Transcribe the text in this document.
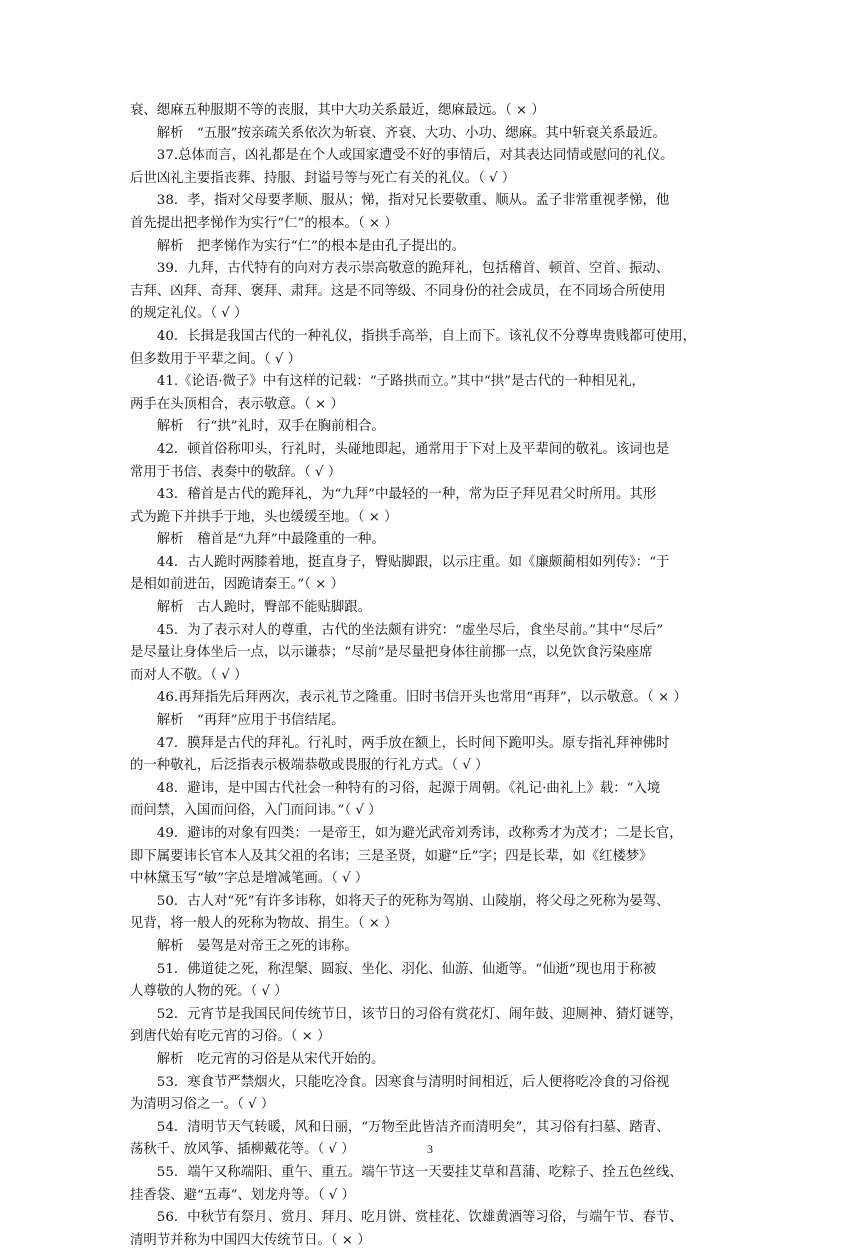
衰、缌麻五种服期不等的丧服，其中大功关系最近，缌麻最远。（ × ）
解析　“五服”按亲疏关系依次为斩衰、齐衰、大功、小功、缌麻。其中斩衰关系最近。
37.总体而言，凶礼都是在个人或国家遭受不好的事情后，对其表达同情或慰问的礼仪。
后世凶礼主要指丧葬、持服、封谥号等与死亡有关的礼仪。（ √ ）
38．孝，指对父母要孝顺、服从；悌，指对兄长要敬重、顺从。孟子非常重视孝悌，他
首先提出把孝悌作为实行“仁”的根本。（ × ）
解析　把孝悌作为实行“仁”的根本是由孔子提出的。
39．九拜，古代特有的向对方表示崇高敬意的跪拜礼，包括稽首、顿首、空首、振动、
吉拜、凶拜、奇拜、褒拜、肃拜。这是不同等级、不同身份的社会成员，在不同场合所使用
的规定礼仪。（ √ ）
40．长揖是我国古代的一种礼仪，指拱手高举，自上而下。该礼仪不分尊卑贵贱都可使用，
但多数用于平辈之间。（ √ ）
41.《论语·微子》中有这样的记载：“子路拱而立。”其中“拱”是古代的一种相见礼，
两手在头顶相合，表示敬意。（ × ）
解析　行“拱”礼时，双手在胸前相合。
42．顿首俗称叩头，行礼时，头碰地即起，通常用于下对上及平辈间的敬礼。该词也是
常用于书信、表奏中的敬辞。（ √ ）
43．稽首是古代的跪拜礼，为“九拜”中最轻的一种，常为臣子拜见君父时所用。其形
式为跪下并拱手于地，头也缓缓至地。（ × ）
解析　稽首是“九拜”中最隆重的一种。
44．古人跪时两膝着地，挺直身子，臀贴脚跟，以示庄重。如《廉颇蔺相如列传》：“于
是相如前进缶，因跪请秦王。”（ × ）
解析　古人跪时，臀部不能贴脚跟。
45．为了表示对人的尊重，古代的坐法颇有讲究：“虚坐尽后，食坐尽前。”其中“尽后”
是尽量让身体坐后一点，以示谦恭；“尽前”是尽量把身体往前挪一点，以免饮食污染座席
而对人不敬。（ √ ）
46.再拜指先后拜两次，表示礼节之隆重。旧时书信开头也常用“再拜”，以示敬意。（ × ）
解析　“再拜”应用于书信结尾。
47．膜拜是古代的拜礼。行礼时，两手放在额上，长时间下跪叩头。原专指礼拜神佛时
的一种敬礼，后泛指表示极端恭敬或畏服的行礼方式。（ √ ）
48．避讳，是中国古代社会一种特有的习俗，起源于周朝。《礼记·曲礼上》载：“入境
而问禁，入国而问俗，入门而问讳。”（ √ ）
49．避讳的对象有四类：一是帝王，如为避光武帝刘秀讳，改称秀才为茂才；二是长官，
即下属要讳长官本人及其父祖的名讳；三是圣贤，如避“丘”字；四是长辈，如《红楼梦》
中林黛玉写“敏”字总是增减笔画。（ √ ）
50．古人对“死”有许多讳称，如将天子的死称为驾崩、山陵崩，将父母之死称为晏驾、
见背，将一般人的死称为物故、捐生。（ × ）
解析　晏驾是对帝王之死的讳称。
51．佛道徒之死，称涅槃、圆寂、坐化、羽化、仙游、仙逝等。“仙逝”现也用于称被
人尊敬的人物的死。（ √ ）
52．元宵节是我国民间传统节日，该节日的习俗有赏花灯、闹年鼓、迎厕神、猜灯谜等，
到唐代始有吃元宵的习俗。（ × ）
解析　吃元宵的习俗是从宋代开始的。
53．寒食节严禁烟火，只能吃冷食。因寒食与清明时间相近，后人便将吃冷食的习俗视
为清明习俗之一。（ √ ）
54．清明节天气转暖，风和日丽，“万物至此皆洁齐而清明矣”，其习俗有扫墓、踏青、
荡秋千、放风筝、插柳戴花等。（ √ ）
55．端午又称端阳、重午、重五。端午节这一天要挂艾草和菖蒲、吃粽子、拴五色丝线、
挂香袋、避“五毒”、划龙舟等。（ √ ）
56．中秋节有祭月、赏月、拜月、吃月饼、赏桂花、饮雄黄酒等习俗，与端午节、春节、
清明节并称为中国四大传统节日。（ × ）
3
